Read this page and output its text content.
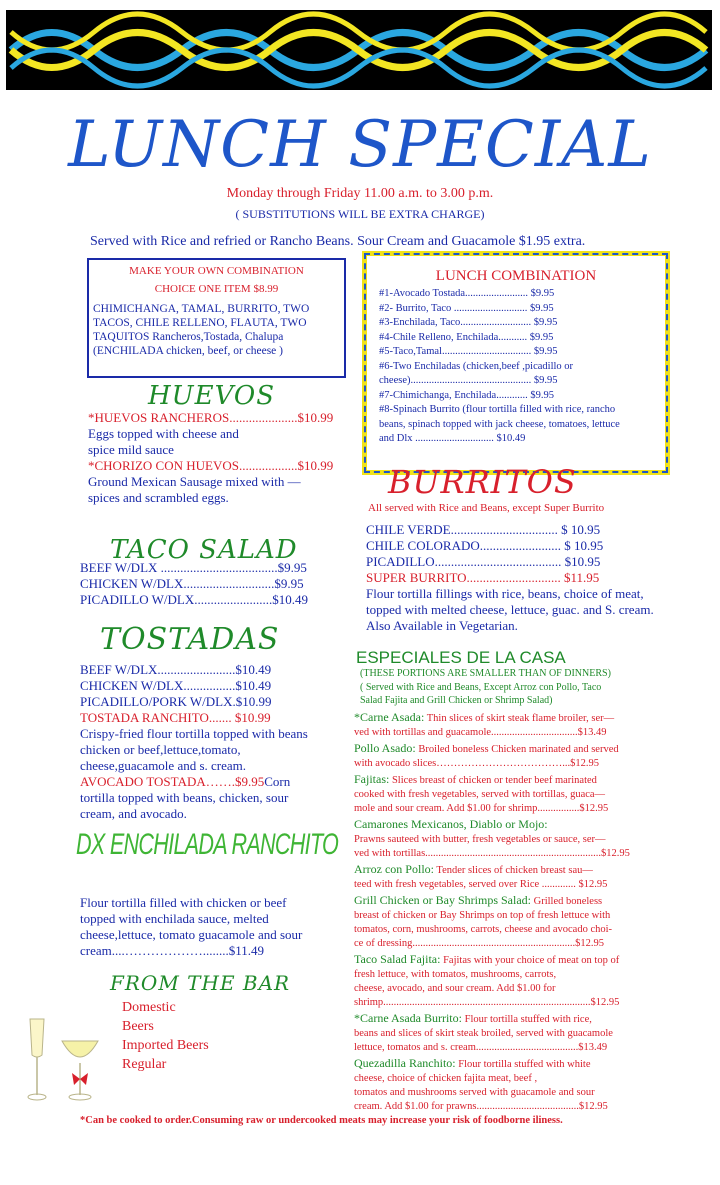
LUNCH SPECIAL
Monday through Friday 11.00 a.m. to 3.00 p.m.
( SUBSTITUTIONS WILL BE EXTRA CHARGE)
Served with Rice and refried or Rancho Beans. Sour Cream and Guacamole $1.95 extra.
MAKE YOUR OWN COMBINATION
CHOICE ONE ITEM $8.99
CHIMICHANGA, TAMAL, BURRITO, TWO TACOS, CHILE RELLENO, FLAUTA, TWO TAQUITOS Rancheros,Tostada, Chalupa (ENCHILADA chicken, beef, or cheese )
LUNCH COMBINATION
#1-Avocado Tostada........................ $9.95
#2- Burrito, Taco ............................ $9.95
#3-Enchilada, Taco........................... $9.95
#4-Chile Relleno, Enchilada........... $9.95
#5-Taco,Tamal.................................. $9.95
#6-Two Enchiladas (chicken,beef ,picadillo or
cheese).............................................. $9.95
#7-Chimichanga, Enchilada............ $9.95
#8-Spinach Burrito (flour tortilla filled with rice, rancho
beans, spinach topped with jack cheese, tomatoes, lettuce
and Dlx .............................. $10.49
HUEVOS
*HUEVOS RANCHEROS.....................$10.99
Eggs topped with cheese and
spice mild sauce
*CHORIZO CON HUEVOS..................$10.99
Ground Mexican Sausage mixed with —
spices and scrambled eggs.
TACO SALAD
BEEF W/DLX ....................................$9.95
CHICKEN W/DLX............................$9.95
PICADILLO W/DLX........................$10.49
TOSTADAS
BEEF W/DLX........................$10.49
CHICKEN W/DLX................$10.49
PICADILLO/PORK W/DLX.$10.99
TOSTADA RANCHITO....... $10.99
Crispy-fried flour tortilla topped with beans
chicken or beef,lettuce,tomato,
cheese,guacamole and s. cream.
AVOCADO TOSTADA…….$9.95Corn
tortilla topped with beans, chicken, sour
cream, and avocado.
DX ENCHILADA RANCHITO
Flour tortilla filled with chicken or beef
topped with enchilada sauce, melted
cheese,lettuce, tomato guacamole and sour
cream....………………........$11.49
FROM THE BAR
Domestic
Beers
Imported Beers
Regular
BURRITOS
All served with Rice and Beans, except Super Burrito
CHILE VERDE................................. $ 10.95
CHILE COLORADO......................... $ 10.95
PICADILLO....................................... $10.95
SUPER BURRITO............................. $11.95
Flour tortilla fillings with rice, beans, choice of meat,
topped with melted cheese, lettuce, guac. and S. cream.
Also Available in Vegetarian.
ESPECIALES DE LA CASA
(THESE PORTIONS ARE SMALLER THAN OF DINNERS)
( Served with Rice and Beans, Except Arroz con Pollo, Taco
Salad Fajita and Grill Chicken or Shrimp Salad)
*Carne Asada: Thin slices of skirt steak flame broiler, ser—
ved with tortillas and guacamole.................................$13.49
Pollo Asado: Broiled boneless Chicken marinated and served
with avocado slices………………………………...$12.95
Fajitas: Slices breast of chicken or tender beef marinated
cooked with fresh vegetables, served with tortillas, guaca—
mole and sour cream. Add $1.00 for shrimp................$12.95
Camarones Mexicanos, Diablo or Mojo:
Prawns sauteed with butter, fresh vegetables or sauce, ser—
ved with tortillas...................................................................$12.95
Arroz con Pollo: Tender slices of chicken breast sau—
teed with fresh vegetables, served over Rice ............. $12.95
Grill Chicken or Bay Shrimps Salad: Grilled boneless
breast of chicken or Bay Shrimps on top of fresh lettuce with
tomatos, corn, mushrooms, carrots, cheese and avocado choi-
ce of dressing..............................................................$12.95
Taco Salad Fajita: Fajitas with your choice of meat on top of
fresh lettuce, with tomatos, mushrooms, carrots,
cheese, avocado, and sour cream. Add $1.00 for
shrimp...............................................................................$12.95
*Carne Asada Burrito: Flour tortilla stuffed with rice,
beans and slices of skirt steak broiled, served with guacamole
lettuce, tomatos and s. cream.......................................$13.49
Quezadilla Ranchito: Flour tortilla stuffed with white
cheese, choice of chicken fajita meat, beef ,
tomatos and mushrooms served with guacamole and sour
cream. Add $1.00 for prawns.......................................$12.95
*Can be cooked to order.Consuming raw or undercooked meats may increase your risk of foodborne iliness.
